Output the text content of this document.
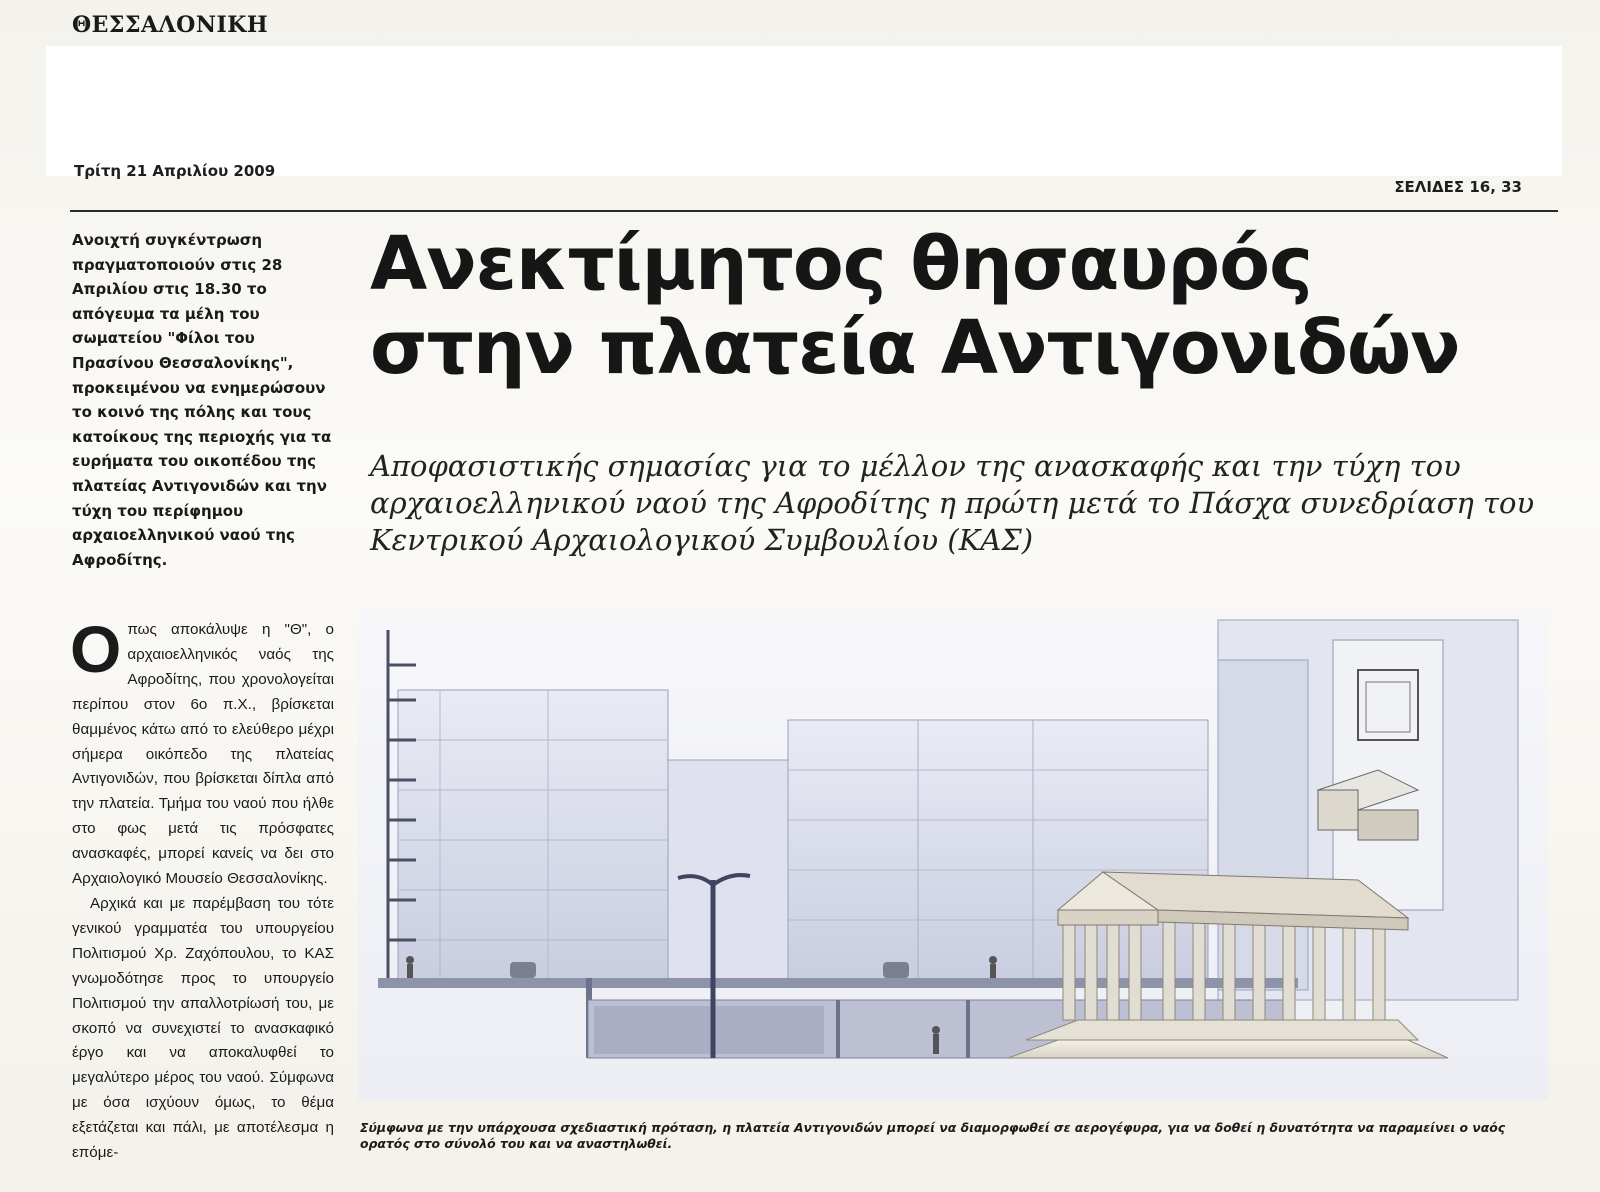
ΘΕΣΣΑΛΟΝΙΚΗ
Τρίτη 21 Απριλίου 2009
ΣΕΛΙΔΕΣ 16, 33
Ανοιχτή συγκέντρωση πραγματοποιούν στις 28 Απριλίου στις 18.30 το απόγευμα τα μέλη του σωματείου "Φίλοι του Πρασίνου Θεσσαλονίκης", προκειμένου να ενημερώσουν το κοινό της πόλης και τους κατοίκους της περιοχής για τα ευρήματα του οικοπέδου της πλατείας Αντιγονιδών και την τύχη του περίφημου αρχαιοελληνικού ναού της Αφροδίτης.

Οπως αποκάλυψε η "Θ", ο αρχαιοελληνικός ναός της Αφροδίτης, που χρονολογείται περίπου στον 6ο π.Χ., βρίσκεται θαμμένος κάτω από το ελεύθερο μέχρι σήμερα οικόπεδο της πλατείας Αντιγονιδών, που βρίσκεται δίπλα από την πλατεία. Τμήμα του ναού που ήλθε στο φως μετά τις πρόσφατες ανασκαφές, μπορεί κανείς να δει στο Αρχαιολογικό Μουσείο Θεσσαλονίκης.

Αρχικά και με παρέμβαση του τότε γενικού γραμματέα του υπουργείου Πολιτισμού Χρ. Ζαχόπουλου, το ΚΑΣ γνωμοδότησε προς το υπουργείο Πολιτισμού την απαλλοτρίωσή του, με σκοπό να συνεχιστεί το ανασκαφικό έργο και να αποκαλυφθεί το μεγαλύτερο μέρος του ναού. Σύμφωνα με όσα ισχύουν όμως, το θέμα εξετάζεται και πάλι, με αποτέλεσμα η επόμε-

Ανεκτίμητος θησαυρός
στην πλατεία Αντιγονιδών
Αποφασιστικής σημασίας για το μέλλον της ανασκαφής και την τύχη του αρχαιοελληνικού ναού της Αφροδίτης η πρώτη μετά το Πάσχα συνεδρίαση του Κεντρικού Αρχαιολογικού Συμβουλίου (ΚΑΣ)
Σύμφωνα με την υπάρχουσα σχεδιαστική πρόταση, η πλατεία Αντιγονιδών μπορεί να διαμορφωθεί σε αερογέφυρα, για να δοθεί η δυνατότητα να παραμείνει ο ναός ορατός στο σύνολό του και να αναστηλωθεί.
